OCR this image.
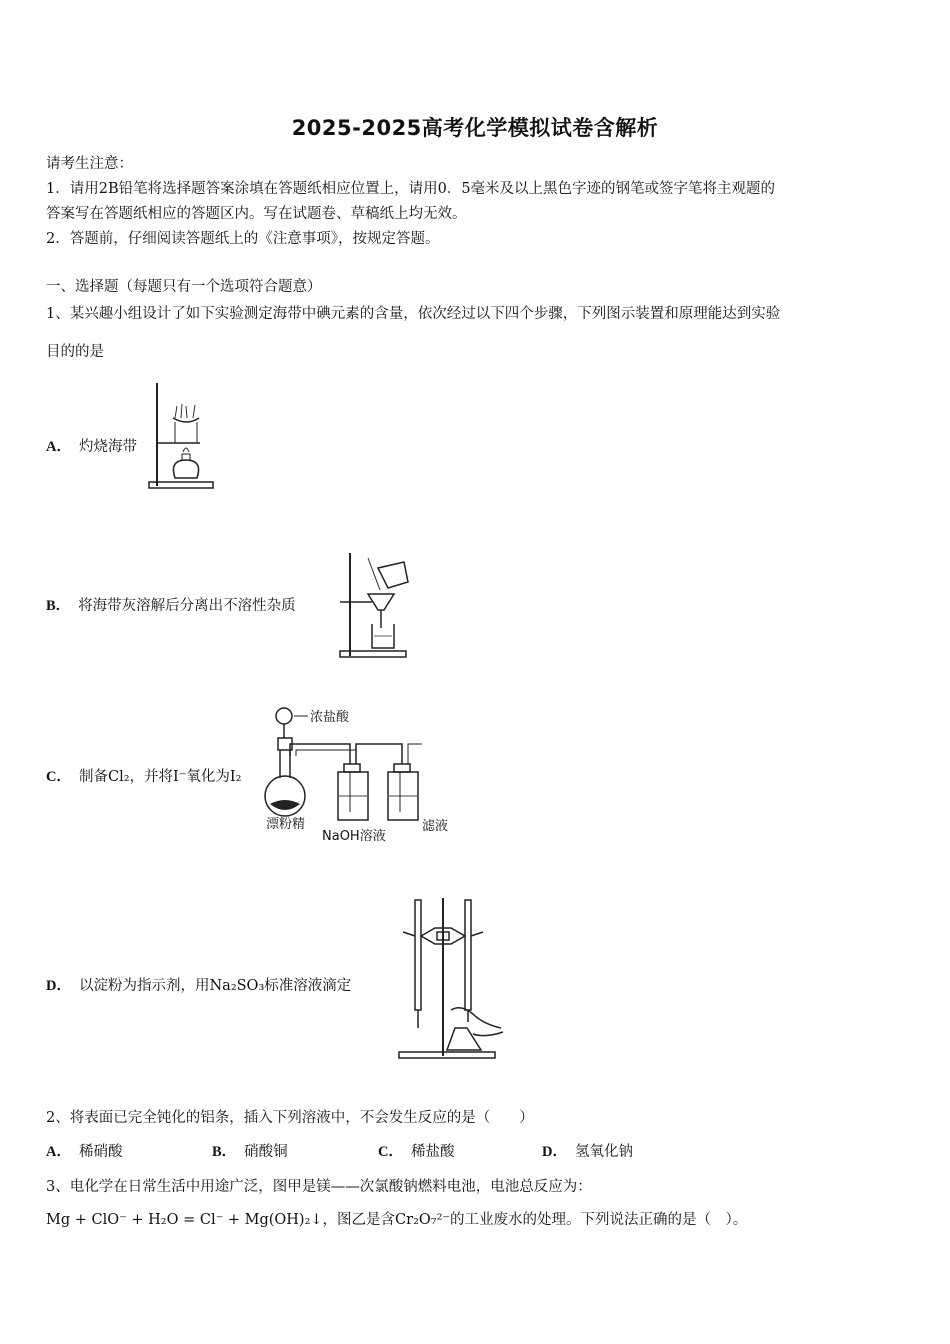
2025-2025高考化学模拟试卷含解析
请考生注意：
1．请用2B铅笔将选择题答案涂填在答题纸相应位置上，请用0．5毫米及以上黑色字迹的钢笔或签字笔将主观题的
答案写在答题纸相应的答题区内。写在试题卷、草稿纸上均无效。
2．答题前，仔细阅读答题纸上的《注意事项》，按规定答题。
一、选择题（每题只有一个选项符合题意）
1、某兴趣小组设计了如下实验测定海带中碘元素的含量，依次经过以下四个步骤，下列图示装置和原理能达到实验
目的的是
A． 灼烧海带
B． 将海带灰溶解后分离出不溶性杂质
C． 制备Cl₂，并将I⁻氧化为I₂
浓盐酸
漂粉精
NaOH溶液
滤液
D． 以淀粉为指示剂，用Na₂SO₃标准溶液滴定
2、将表面已完全钝化的铝条，插入下列溶液中，不会发生反应的是（　　）
A． 稀硝酸	B． 硝酸铜	C． 稀盐酸	D． 氢氧化钠
3、电化学在日常生活中用途广泛，图甲是镁——次氯酸钠燃料电池，电池总反应为：
Mg + ClO⁻ + H₂O = Cl⁻ + Mg(OH)₂↓，图乙是含Cr₂O₇²⁻的工业废水的处理。下列说法正确的是（　）。
